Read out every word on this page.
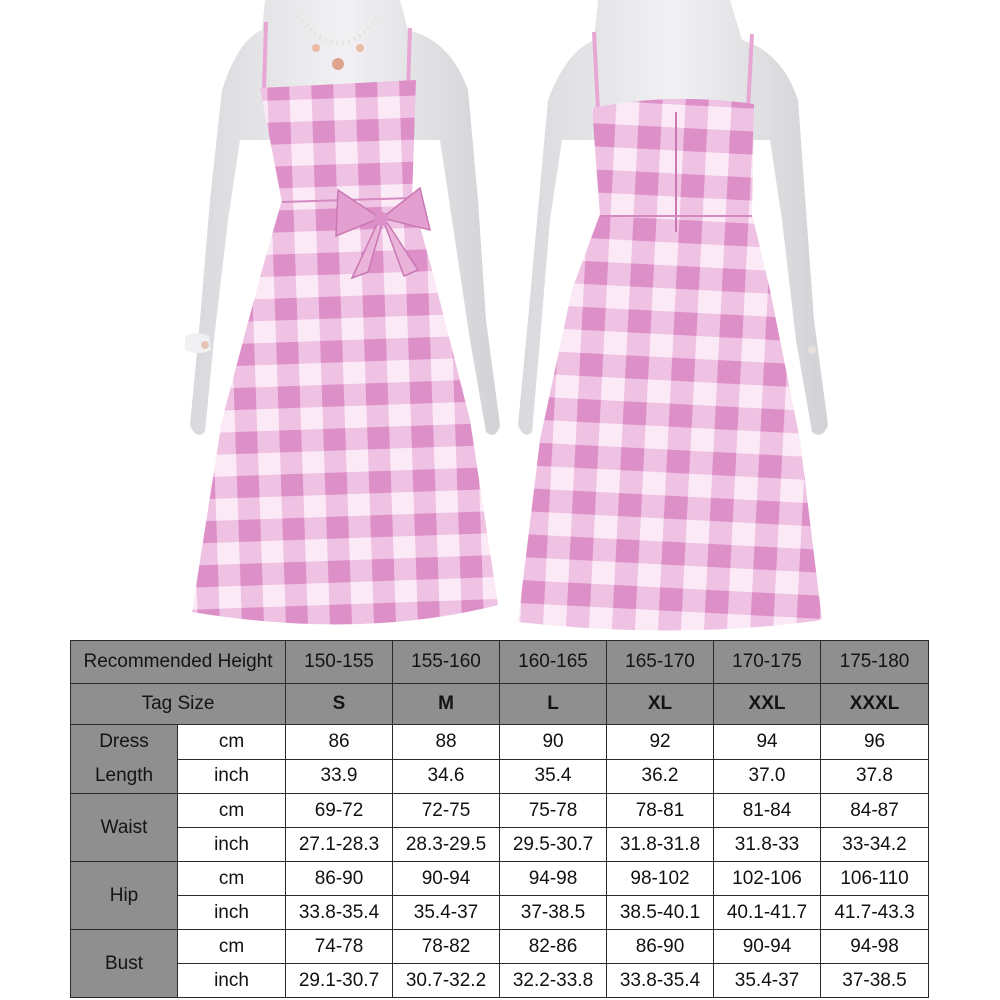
Recommended Height		150-155	155-160	160-165	165-170	170-175	175-180
Tag Size		S	M	L	XL	XXL	XXXL
Dress
Length	cm	86	88	90	92	94	96
	inch	33.9	34.6	35.4	36.2	37.0	37.8
Waist	cm	69-72	72-75	75-78	78-81	81-84	84-87
	inch	27.1-28.3	28.3-29.5	29.5-30.7	31.8-31.8	31.8-33	33-34.2
Hip	cm	86-90	90-94	94-98	98-102	102-106	106-110
	inch	33.8-35.4	35.4-37	37-38.5	38.5-40.1	40.1-41.7	41.7-43.3
Bust	cm	74-78	78-82	82-86	86-90	90-94	94-98
	inch	29.1-30.7	30.7-32.2	32.2-33.8	33.8-35.4	35.4-37	37-38.5
